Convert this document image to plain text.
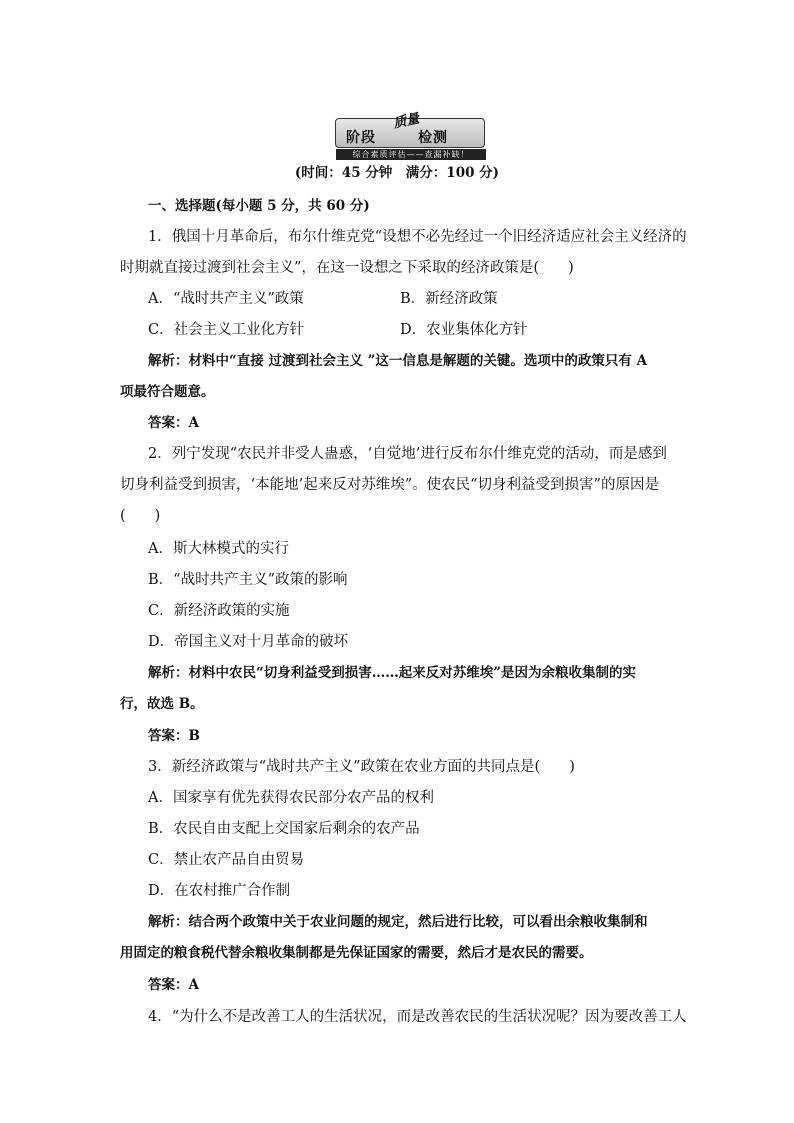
阶段	检测
综合素质评估——查漏补缺！
质量
(时间：45 分钟　满分：100 分)
一、选择题(每小题 5 分，共 60 分)
1．俄国十月革命后，布尔什维克党“设想不必先经过一个旧经济适应社会主义经济的
时期就直接过渡到社会主义”，在这一设想之下采取的经济政策是(　　)
A．“战时共产主义”政策	B．新经济政策
C．社会主义工业化方针	D．农业集体化方针
解析：材料中“直接 过渡到社会主义 ”这一信息是解题的关键。选项中的政策只有 A
项最符合题意。
答案：A
2．列宁发现“农民并非受人蛊惑，‘自觉地’进行反布尔什维克党的活动，而是感到
切身利益受到损害，‘本能地’起来反对苏维埃”。使农民“切身利益受到损害”的原因是
(　　)
A．斯大林模式的实行
B．“战时共产主义”政策的影响
C．新经济政策的实施
D．帝国主义对十月革命的破坏
解析：材料中农民“切身利益受到损害……起来反对苏维埃”是因为余粮收集制的实
行，故选 B。
答案：B
3．新经济政策与“战时共产主义”政策在农业方面的共同点是(　　)
A．国家享有优先获得农民部分农产品的权利
B．农民自由支配上交国家后剩余的农产品
C．禁止农产品自由贸易
D．在农村推广合作制
解析：结合两个政策中关于农业问题的规定，然后进行比较，可以看出余粮收集制和
用固定的粮食税代替余粮收集制都是先保证国家的需要，然后才是农民的需要。
答案：A
4．“为什么不是改善工人的生活状况，而是改善农民的生活状况呢？因为要改善工人
